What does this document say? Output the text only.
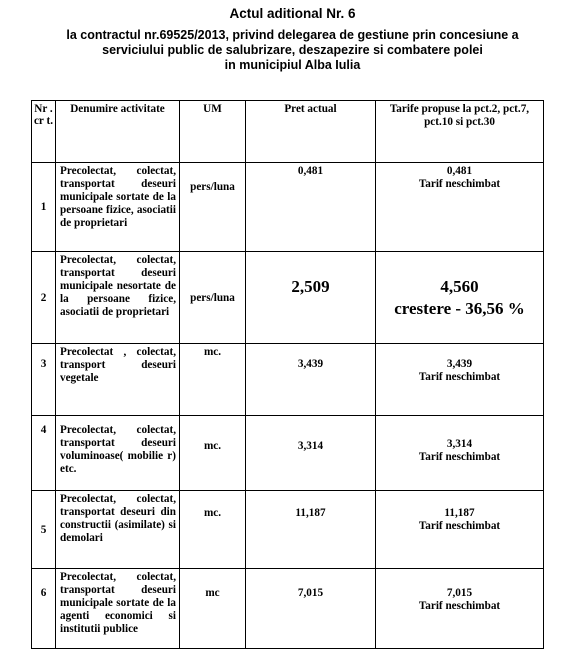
Actul aditional Nr. 6
la contractul nr.69525/2013, privind delegarea de gestiune prin concesiune a
serviciului public de salubrizare, deszapezire si combatere polei
in municipiul Alba Iulia
Nr . cr t.	Denumire activitate	UM	Pret actual	Tarife propuse la pct.2, pct.7, pct.10 si pct.30
1	Precolectat, colectat, transportat deseuri municipale sortate de la persoane fizice, asociatii de proprietari	pers/luna	0,481	0,481
Tarif neschimbat

2	Precolectat, colectat, transportat deseuri municipale nesortate de la persoane fizice, asociatii de proprietari	pers/luna	2,509	4,560
crestere - 36,56 %

3	Precolectat , colectat, transport deseuri vegetale	mc.	3,439	3,439
Tarif neschimbat

4	Precolectat, colectat, transportat deseuri voluminoase( mobilie r) etc.	mc.	3,314	3,314
Tarif neschimbat

5	Precolectat, colectat, transportat deseuri din constructii (asimilate) si demolari	mc.	11,187	11,187
Tarif neschimbat

6	Precolectat, colectat, transportat deseuri municipale sortate de la agenti economici si institutii publice	mc	7,015	7,015
Tarif neschimbat
